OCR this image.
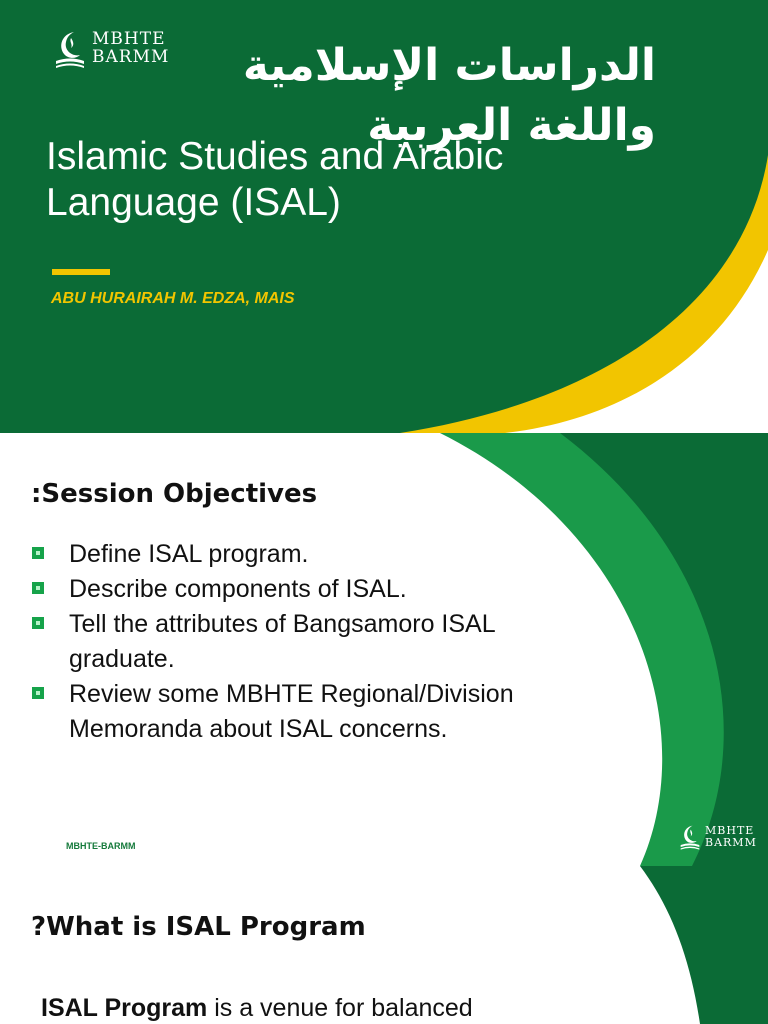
MBHTE
BARMM	الدراسات الإسلامية
واللغة العربية
Islamic Studies and Arabic
Language (ISAL)
ABU HURAIRAH M. EDZA, MAIS
:Session Objectives
Define ISAL program.
Describe components of ISAL.
Tell the attributes of Bangsamoro ISAL graduate.
Review some MBHTE Regional/Division Memoranda about ISAL concerns.
MBHTE-BARMM
MBHTE
BARMM
?What is ISAL Program
ISAL Program is a venue for balanced
